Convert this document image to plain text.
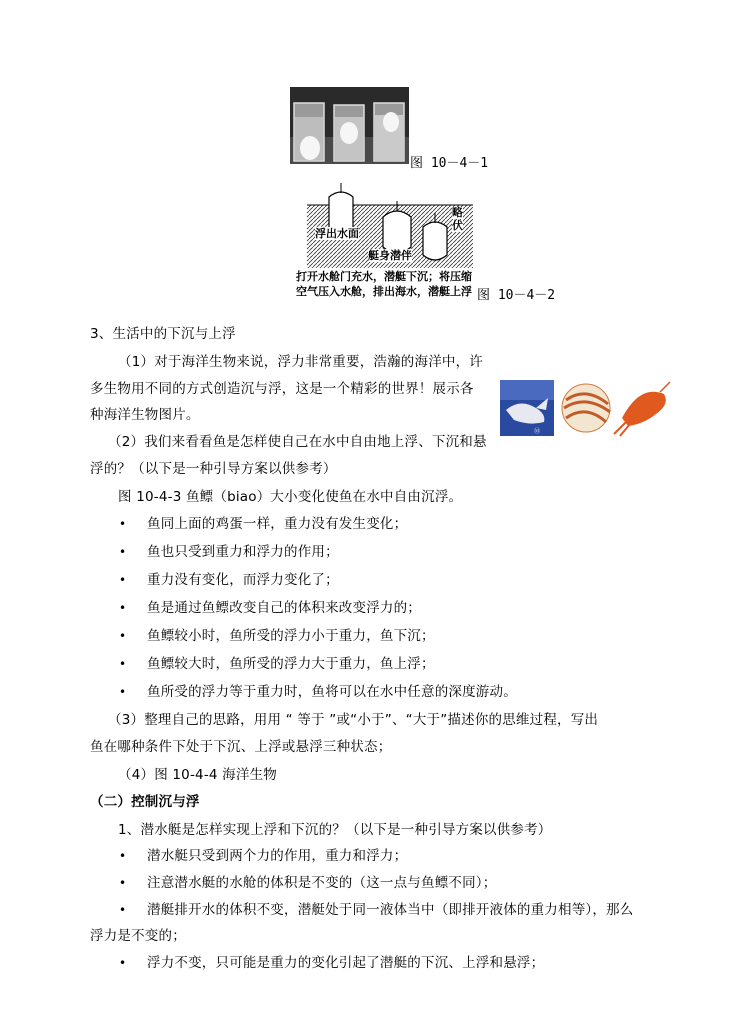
图 10－4－1
浮出水面
艇身潜伴
略
伏
打开水舱门充水，潜艇下沉；将压缩
空气压入水舱，排出海水，潜艇上浮 图 10－4－2
3、生活中的下沉与上浮
（1）对于海洋生物来说，浮力非常重要，浩瀚的海洋中，许
多生物用不同的方式创造沉与浮，这是一个精彩的世界！展示各
种海洋生物图片。
Ⓜ
（2）我们来看看鱼是怎样使自己在水中自由地上浮、下沉和悬
浮的？（以下是一种引导方案以供参考）
图 10-4-3 鱼鳔（biao）大小变化使鱼在水中自由沉浮。
• 鱼同上面的鸡蛋一样，重力没有发生变化；
• 鱼也只受到重力和浮力的作用；
• 重力没有变化，而浮力变化了；
• 鱼是通过鱼鳔改变自己的体积来改变浮力的；
• 鱼鳔较小时，鱼所受的浮力小于重力，鱼下沉；
• 鱼鳔较大时，鱼所受的浮力大于重力，鱼上浮；
• 鱼所受的浮力等于重力时，鱼将可以在水中任意的深度游动。
（3）整理自己的思路，用用 “ 等于 ”或“小于”、“大于”描述你的思维过程，写出
鱼在哪种条件下处于下沉、上浮或悬浮三种状态；
（4）图 10-4-4 海洋生物
（二）控制沉与浮
1、潜水艇是怎样实现上浮和下沉的？（以下是一种引导方案以供参考）
• 潜水艇只受到两个力的作用，重力和浮力；
• 注意潜水艇的水舱的体积是不变的（这一点与鱼鳔不同）；
• 潜艇排开水的体积不变，潜艇处于同一液体当中（即排开液体的重力相等），那么
浮力是不变的；
• 浮力不变，只可能是重力的变化引起了潜艇的下沉、上浮和悬浮；
